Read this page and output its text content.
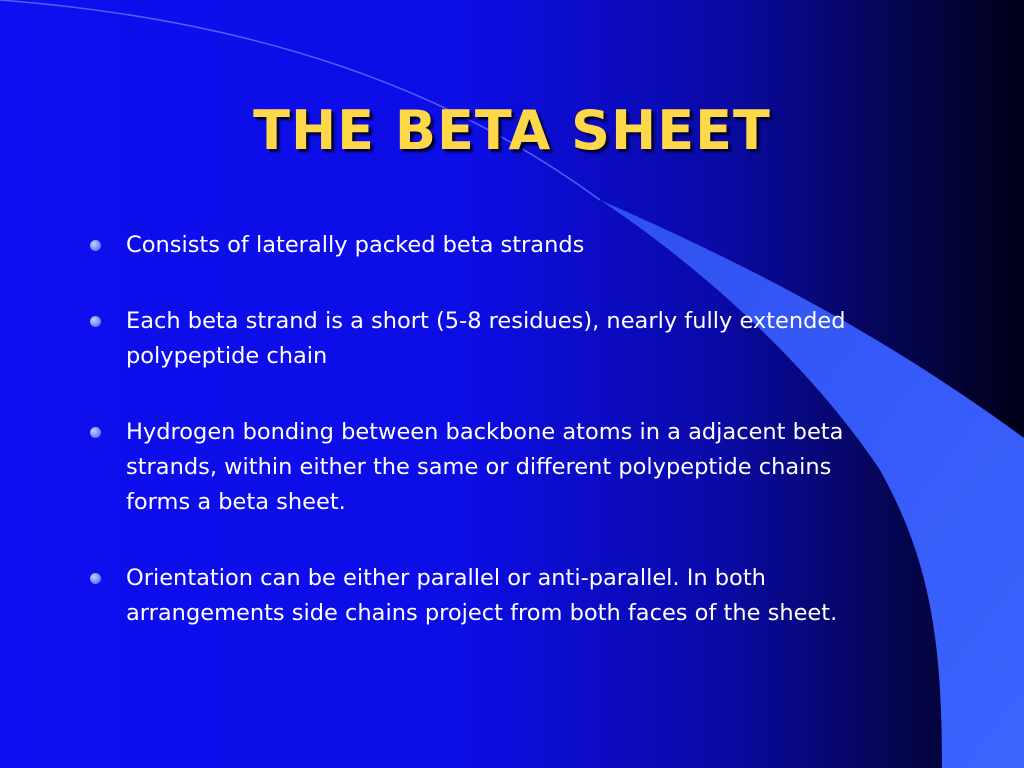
THE BETA SHEET
Consists of laterally packed beta strands
Each beta strand is a short (5-8 residues), nearly fully extended polypeptide chain
Hydrogen bonding between backbone atoms in a adjacent beta strands, within either the same or different polypeptide chains forms a beta sheet.
Orientation can be either parallel or anti-parallel. In both arrangements side chains project from both faces of the sheet.
